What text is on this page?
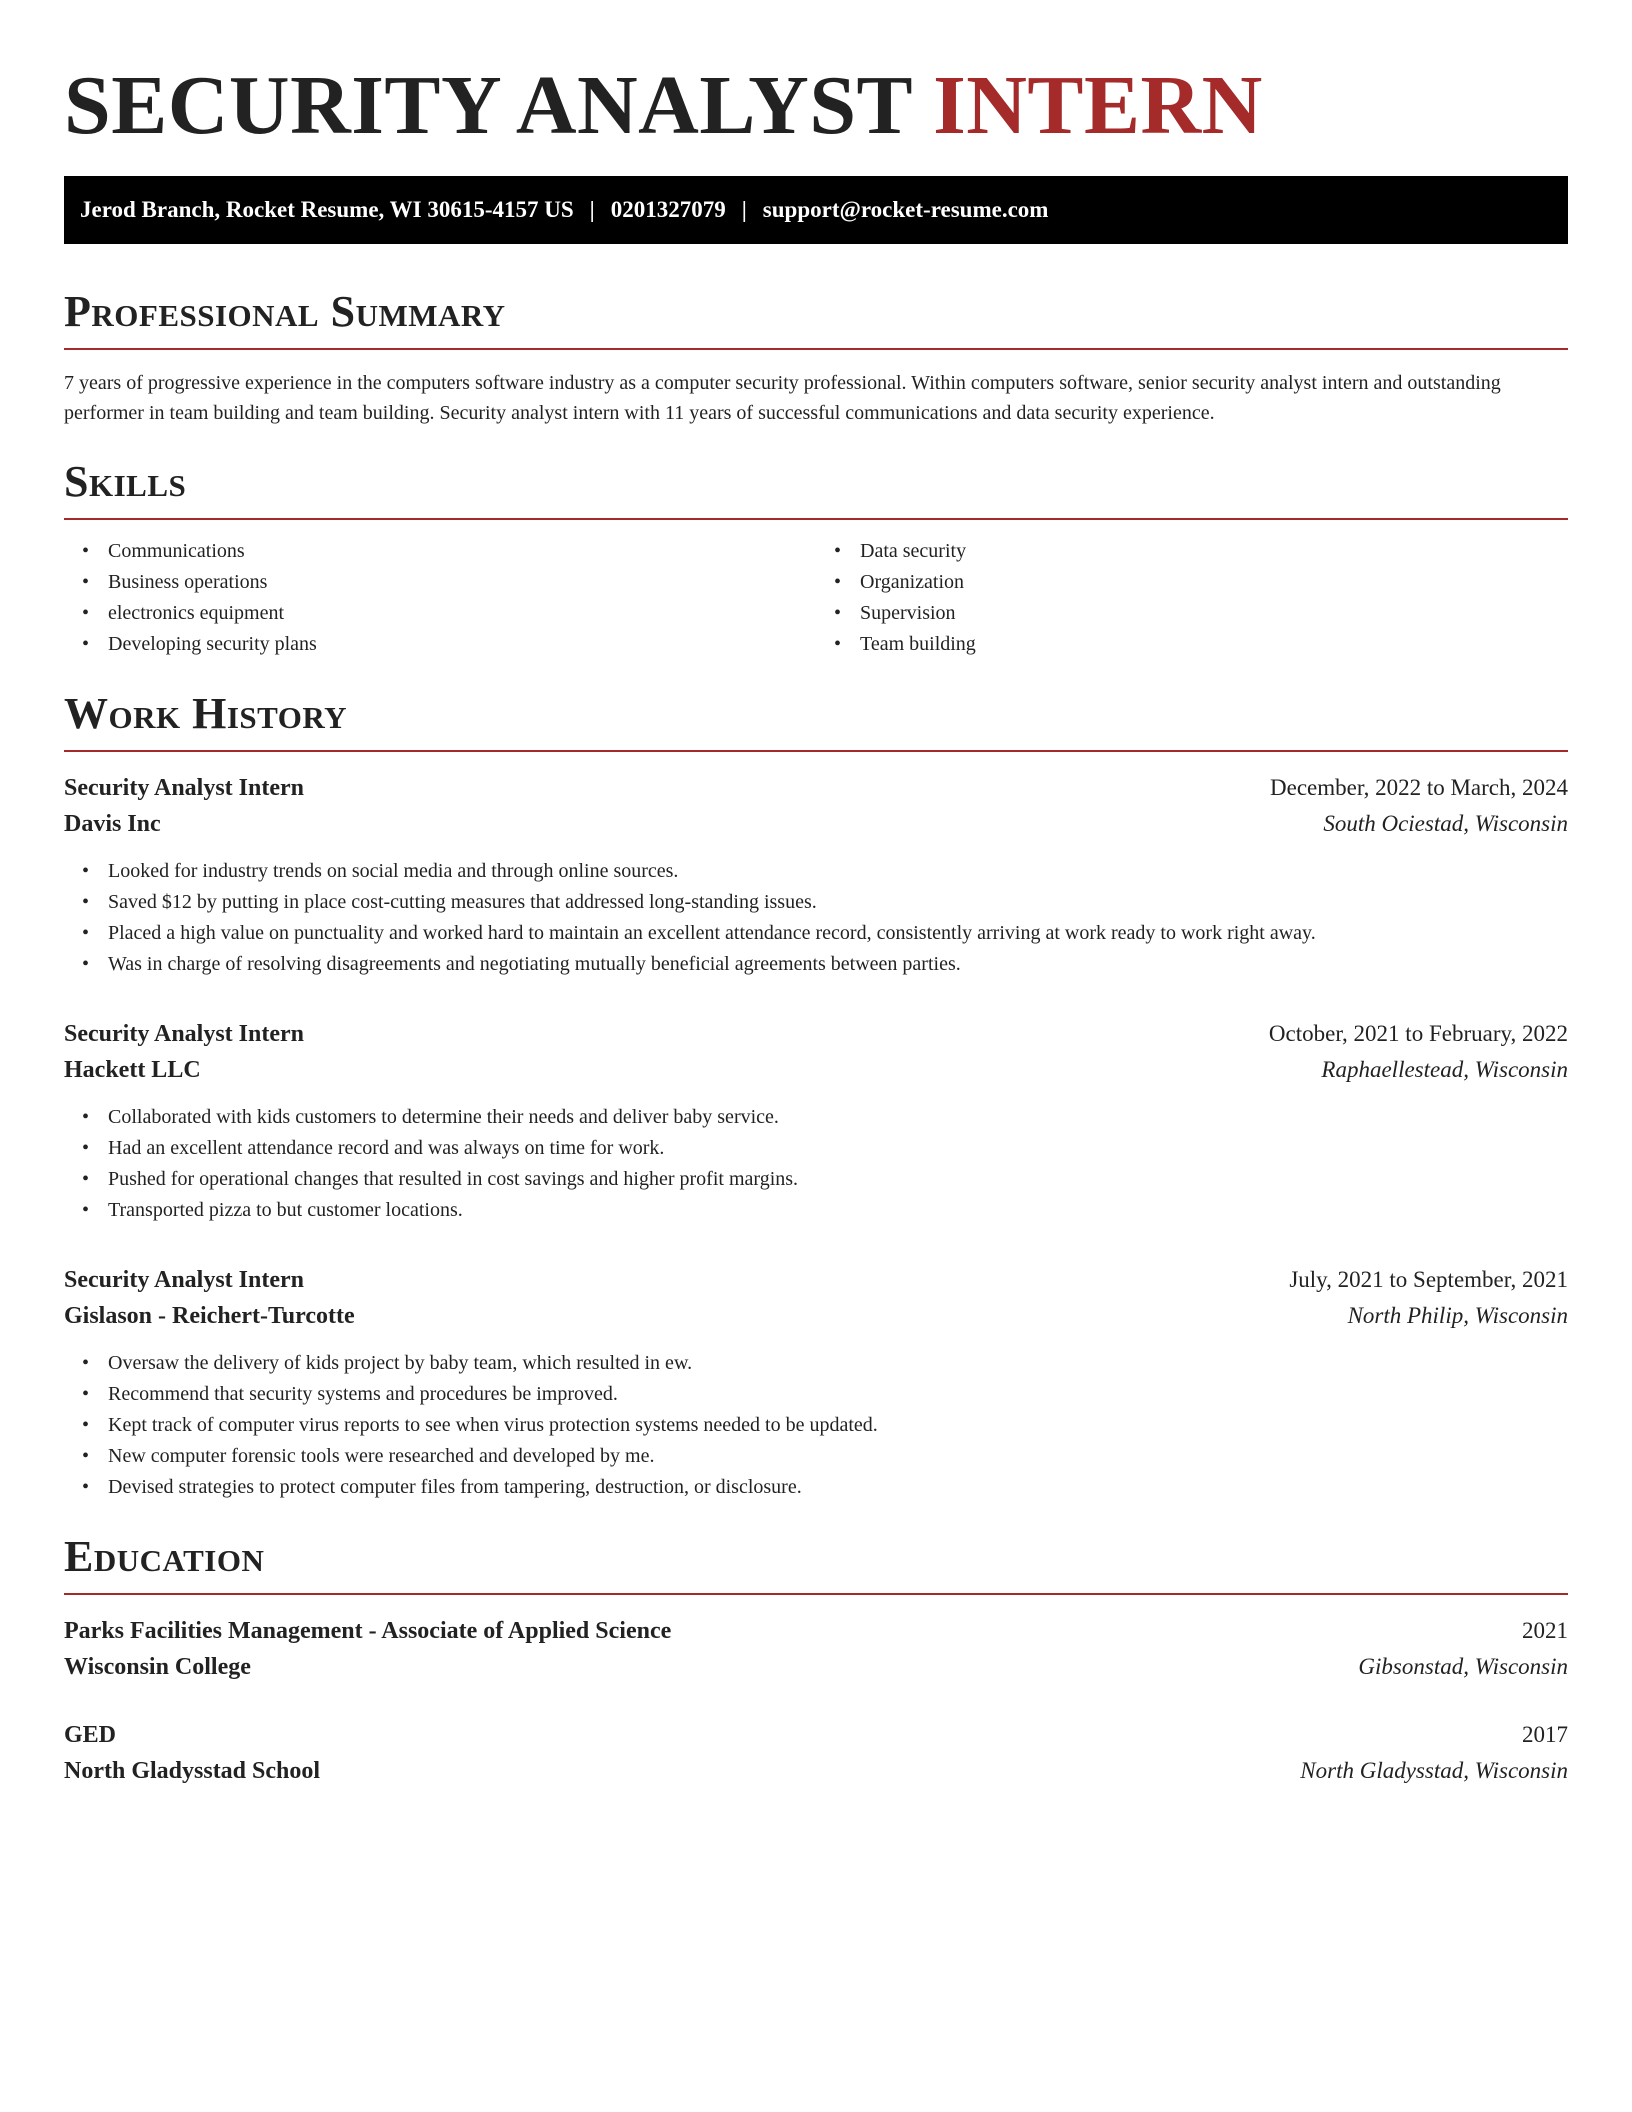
SECURITY ANALYST INTERN
Jerod Branch, Rocket Resume, WI 30615-4157 US | 0201327079 | support@rocket-resume.com
Professional Summary

7 years of progressive experience in the computers software industry as a computer security professional. Within computers software, senior security analyst intern and outstanding performer in team building and team building. Security analyst intern with 11 years of successful communications and data security experience.

Skills
• Communications
• Business operations
• electronics equipment
• Developing security plans
• Data security
• Organization
• Supervision
• Team building
Work History
Security Analyst Intern	December, 2022 to March, 2024
Davis Inc	South Ociestad, Wisconsin
• Looked for industry trends on social media and through online sources.
• Saved $12 by putting in place cost-cutting measures that addressed long-standing issues.
• Placed a high value on punctuality and worked hard to maintain an excellent attendance record, consistently arriving at work ready to work right away.
• Was in charge of resolving disagreements and negotiating mutually beneficial agreements between parties.
Security Analyst Intern	October, 2021 to February, 2022
Hackett LLC	Raphaellestead, Wisconsin
• Collaborated with kids customers to determine their needs and deliver baby service.
• Had an excellent attendance record and was always on time for work.
• Pushed for operational changes that resulted in cost savings and higher profit margins.
• Transported pizza to but customer locations.
Security Analyst Intern	July, 2021 to September, 2021
Gislason - Reichert-Turcotte	North Philip, Wisconsin
• Oversaw the delivery of kids project by baby team, which resulted in ew.
• Recommend that security systems and procedures be improved.
• Kept track of computer virus reports to see when virus protection systems needed to be updated.
• New computer forensic tools were researched and developed by me.
• Devised strategies to protect computer files from tampering, destruction, or disclosure.
Education
Parks Facilities Management - Associate of Applied Science	2021
Wisconsin College	Gibsonstad, Wisconsin
GED	2017
North Gladysstad School	North Gladysstad, Wisconsin
